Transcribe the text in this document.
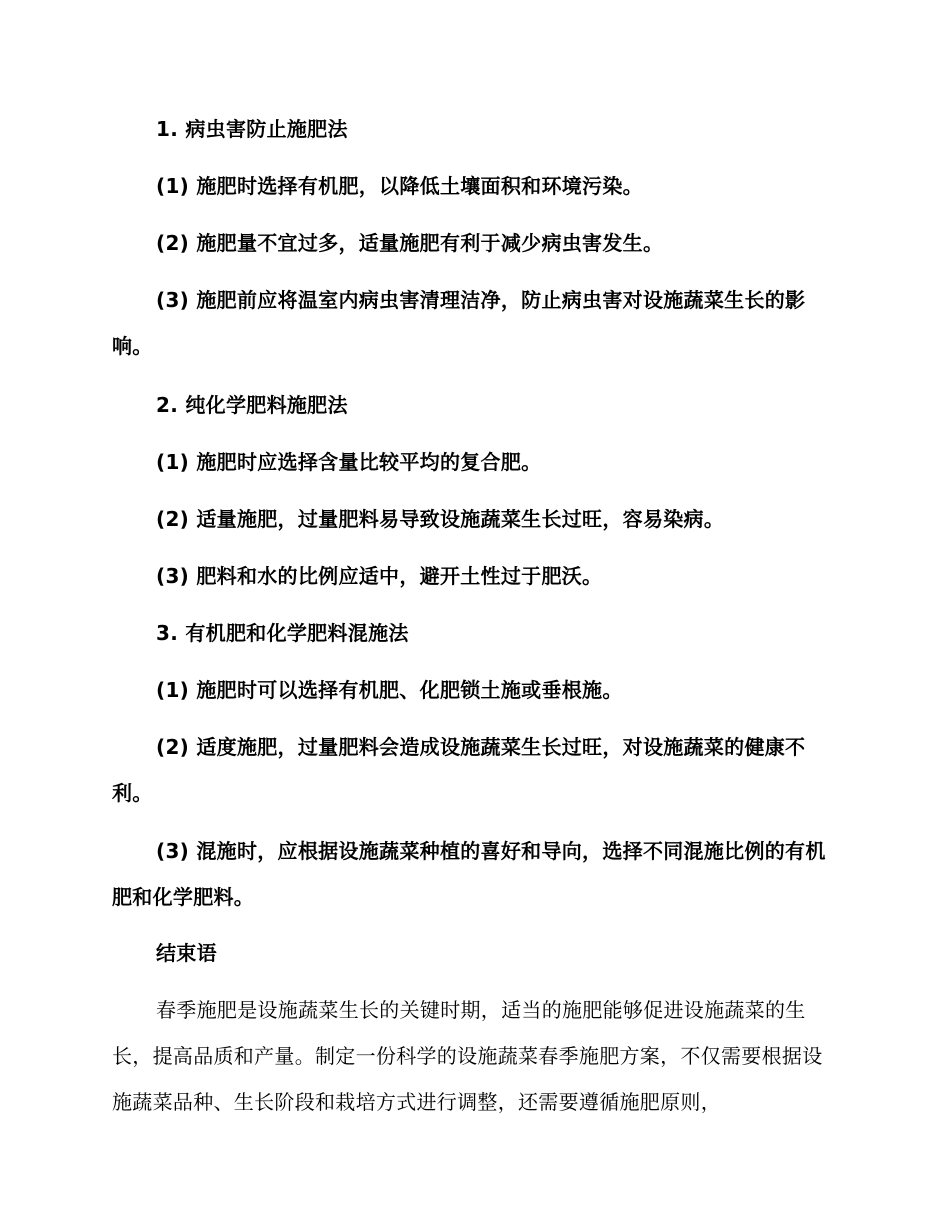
1. 病虫害防止施肥法

(1) 施肥时选择有机肥，以降低土壤面积和环境污染。

(2) 施肥量不宜过多，适量施肥有利于减少病虫害发生。

(3) 施肥前应将温室内病虫害清理洁净，防止病虫害对设施蔬菜生长的影响。

2. 纯化学肥料施肥法

(1) 施肥时应选择含量比较平均的复合肥。

(2) 适量施肥，过量肥料易导致设施蔬菜生长过旺，容易染病。

(3) 肥料和水的比例应适中，避开土性过于肥沃。

3. 有机肥和化学肥料混施法

(1) 施肥时可以选择有机肥、化肥锁土施或垂根施。

(2) 适度施肥，过量肥料会造成设施蔬菜生长过旺，对设施蔬菜的健康不利。

(3) 混施时，应根据设施蔬菜种植的喜好和导向，选择不同混施比例的有机肥和化学肥料。

结束语

春季施肥是设施蔬菜生长的关键时期，适当的施肥能够促进设施蔬菜的生长，提高品质和产量。制定一份科学的设施蔬菜春季施肥方案，不仅需要根据设施蔬菜品种、生长阶段和栽培方式进行调整，还需要遵循施肥原则，
